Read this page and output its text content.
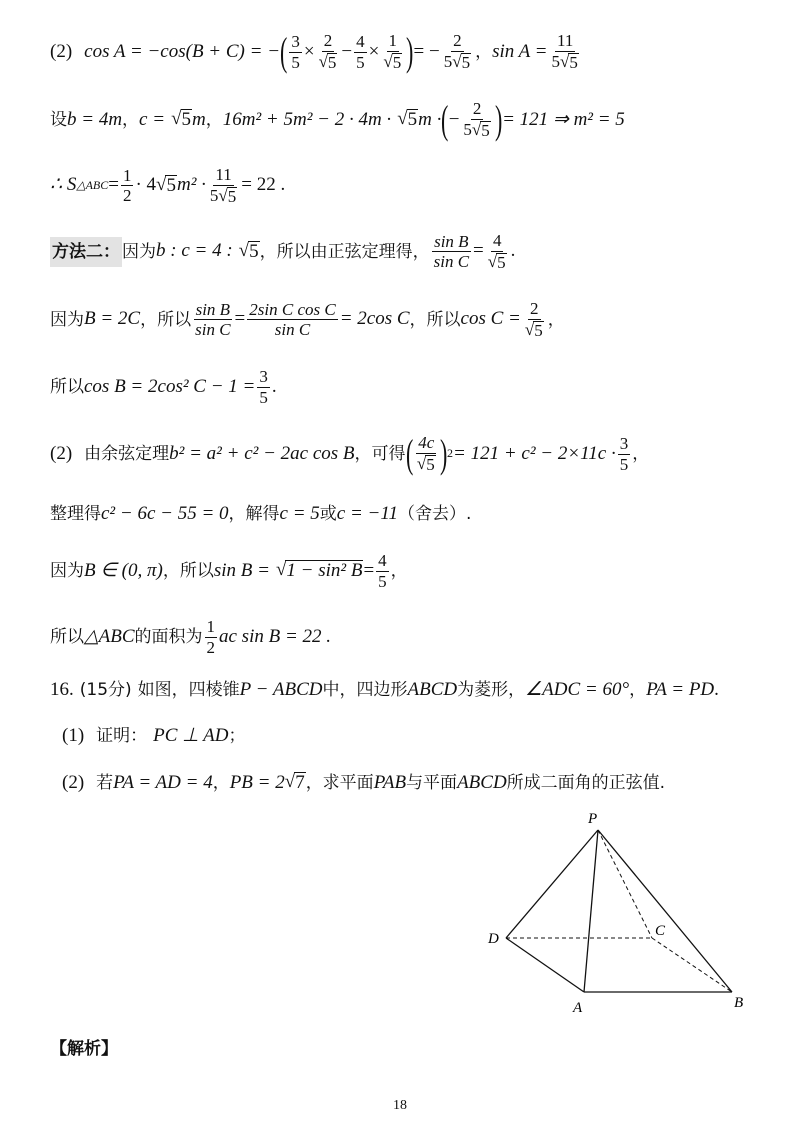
(2) cos A = −cos(B + C) = − ( $\frac{3}{5} \times \frac{2}{√ 5} - \frac{4}{5} \times \frac{1}{√ 5}$ ) = − $\frac{2}{5 √ 5}$ ， $\sin A = \frac{11}{5 √ 5}$
设 b = 4m ， c = √ 5 m ， 16m² + 5m² − 2 · 4m · √ 5 m · ( − $\frac{2}{5 √ 5}$ ) = 121 ⇒ m² = 5
∴ S △ABC = $\frac{1}{2} \cdot 4$ √ 5 $m^2 \cdot \frac{11}{5 √ 5} = 22$ .
方法二： 因为 b : c = 4 : √ 5 ，所以由正弦定理得， $\frac{\text{sin B}}{\text{sin C}} = \frac{4}{√ 5}$ .
因为 B = 2C ，所以 $\frac{\text{sin B}}{\text{sin C}} = \frac{\text{2sin C cos C}}{\text{sin C}} = 2\cos$ C ，所以 $\cos C = \frac{2}{√ 5}$ ，
所以 cos B = 2cos² $C - 1 = \frac{3}{5}$ .
(2) 由余弦定理 b² = a² + c² − 2ac cos B ，可得 ( $\frac{4c}{√ 5}$ ) $2 = 121 + c^2 - 2\times 11c \cdot \frac{3}{5}$ ，
整理得 c² − 6c − 55 = 0 ，解得 c = 5 或 c = −11 （舍去）.
因为 B ∈ (0, π) ，所以 sin B = √ 1 − sin² $B = \frac{4}{5}$ ，
所以 △ABC 的面积为 $\frac{1}{2}$ ac sin B = 22 .
16. (15分) 如图，四棱锥 P − ABCD 中，四边形 ABCD 为菱形， ∠ADC = 60° ， PA = PD .
(1) 证明： PC ⊥ AD ；
(2) 若 PA = AD = 4 ， PB = 2 √ 7 ，求平面 PAB 与平面 ABCD 所成二面角的正弦值.
P
D	C
A	B
【解析】
18
